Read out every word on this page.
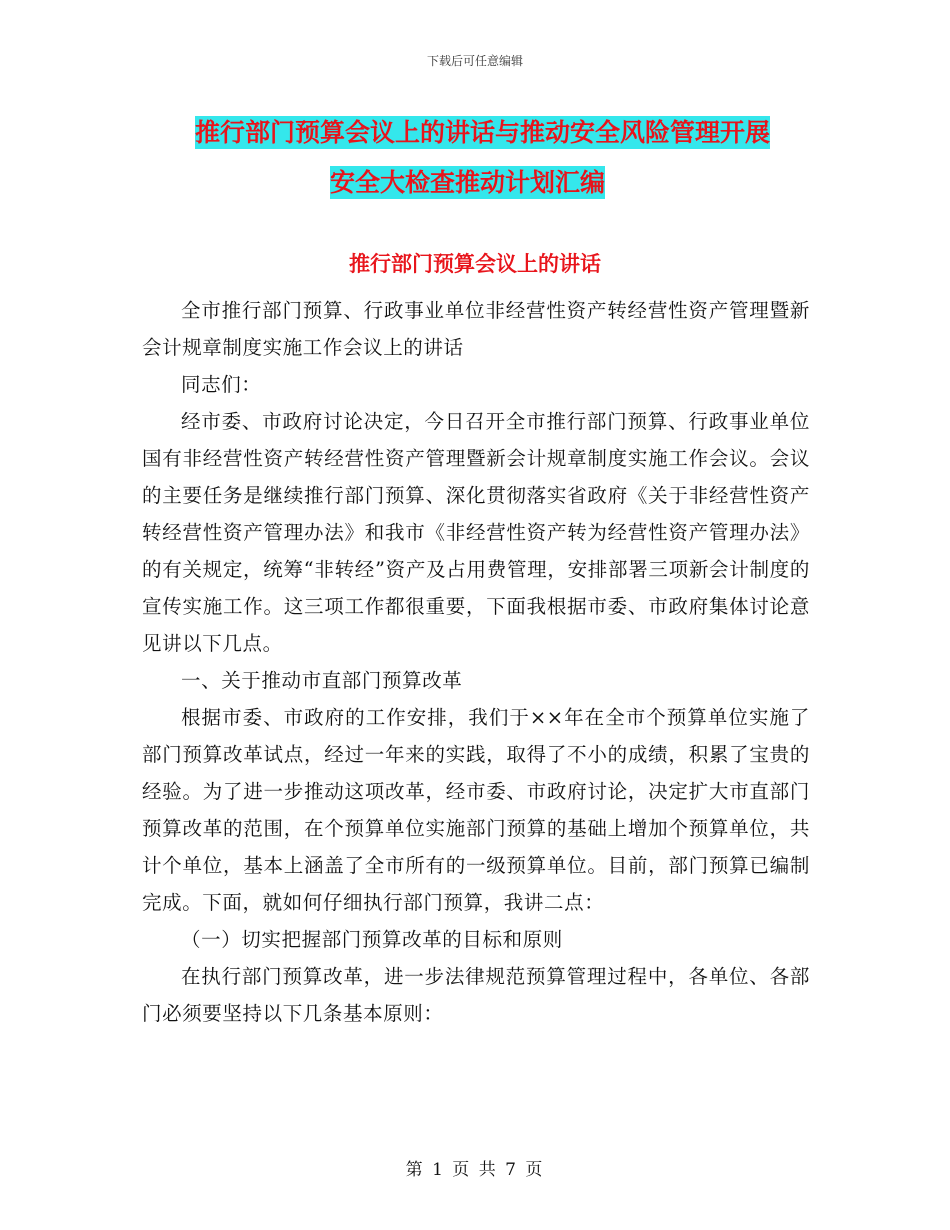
下载后可任意编辑
推行部门预算会议上的讲话与推动安全风险管理开展
安全大检查推动计划汇编
推行部门预算会议上的讲话

全市推行部门预算、行政事业单位非经营性资产转经营性资产管理暨新会计规章制度实施工作会议上的讲话

同志们：

经市委、市政府讨论决定，今日召开全市推行部门预算、行政事业单位国有非经营性资产转经营性资产管理暨新会计规章制度实施工作会议。会议的主要任务是继续推行部门预算、深化贯彻落实省政府《关于非经营性资产转经营性资产管理办法》和我市《非经营性资产转为经营性资产管理办法》的有关规定，统筹“非转经”资产及占用费管理，安排部署三项新会计制度的宣传实施工作。这三项工作都很重要，下面我根据市委、市政府集体讨论意见讲以下几点。

一、关于推动市直部门预算改革

根据市委、市政府的工作安排，我们于××年在全市个预算单位实施了部门预算改革试点，经过一年来的实践，取得了不小的成绩，积累了宝贵的经验。为了进一步推动这项改革，经市委、市政府讨论，决定扩大市直部门预算改革的范围，在个预算单位实施部门预算的基础上增加个预算单位，共计个单位，基本上涵盖了全市所有的一级预算单位。目前，部门预算已编制完成。下面，就如何仔细执行部门预算，我讲二点：

（一）切实把握部门预算改革的目标和原则

在执行部门预算改革，进一步法律规范预算管理过程中，各单位、各部门必须要坚持以下几条基本原则：

第 1 页 共 7 页
